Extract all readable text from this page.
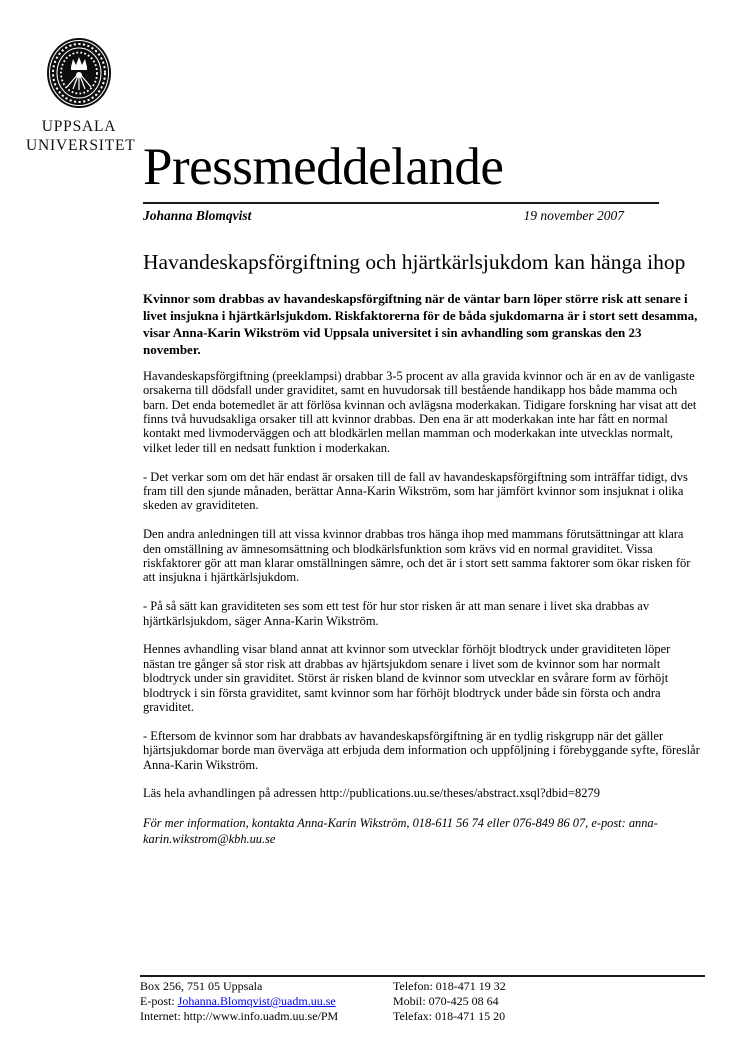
UPPSALA
UNIVERSITET Pressmeddelande
Johanna Blomqvist	19 november 2007
Havandeskapsförgiftning och hjärtkärlsjukdom kan hänga ihop

Kvinnor som drabbas av havandeskapsförgiftning när de väntar barn löper större risk att senare i livet insjukna i hjärtkärlsjukdom. Riskfaktorerna för de båda sjukdomarna är i stort sett desamma, visar Anna-Karin Wikström vid Uppsala universitet i sin avhandling som granskas den 23 november.

Havandeskapsförgiftning (preeklampsi) drabbar 3-5 procent av alla gravida kvinnor och är en av de vanligaste orsakerna till dödsfall under graviditet, samt en huvudorsak till bestående handikapp hos både mamma och barn. Det enda botemedlet är att förlösa kvinnan och avlägsna moderkakan. Tidigare forskning har visat att det finns två huvudsakliga orsaker till att kvinnor drabbas. Den ena är att moderkakan inte har fått en normal kontakt med livmoderväggen och att blodkärlen mellan mamman och moderkakan inte utvecklas normalt, vilket leder till en nedsatt funktion i moderkakan.

- Det verkar som om det här endast är orsaken till de fall av havandeskapsförgiftning som inträffar tidigt, dvs fram till den sjunde månaden, berättar Anna-Karin Wikström, som har jämfört kvinnor som insjuknat i olika skeden av graviditeten.

Den andra anledningen till att vissa kvinnor drabbas tros hänga ihop med mammans förutsättningar att klara den omställning av ämnesomsättning och blodkärlsfunktion som krävs vid en normal graviditet. Vissa riskfaktorer gör att man klarar omställningen sämre, och det är i stort sett samma faktorer som ökar risken för att insjukna i hjärtkärlsjukdom.

- På så sätt kan graviditeten ses som ett test för hur stor risken är att man senare i livet ska drabbas av hjärtkärlsjukdom, säger Anna-Karin Wikström.

Hennes avhandling visar bland annat att kvinnor som utvecklar förhöjt blodtryck under graviditeten löper nästan tre gånger så stor risk att drabbas av hjärtsjukdom senare i livet som de kvinnor som har normalt blodtryck under sin graviditet. Störst är risken bland de kvinnor som utvecklar en svårare form av förhöjt blodtryck i sin första graviditet, samt kvinnor som har förhöjt blodtryck under både sin första och andra graviditet.

- Eftersom de kvinnor som har drabbats av havandeskapsförgiftning är en tydlig riskgrupp när det gäller hjärtsjukdomar borde man överväga att erbjuda dem information och uppföljning i förebyggande syfte, föreslår Anna-Karin Wikström.

Läs hela avhandlingen på adressen http://publications.uu.se/theses/abstract.xsql?dbid=8279

För mer information, kontakta Anna-Karin Wikström, 018-611 56 74 eller 076-849 86 07, e-post: anna-karin.wikstrom@kbh.uu.se

Box 256, 751 05 Uppsala
E-post: Johanna.Blomqvist@uadm.uu.se
Internet: http://www.info.uadm.uu.se/PM
Telefon: 018-471 19 32
Mobil: 070-425 08 64
Telefax: 018-471 15 20
